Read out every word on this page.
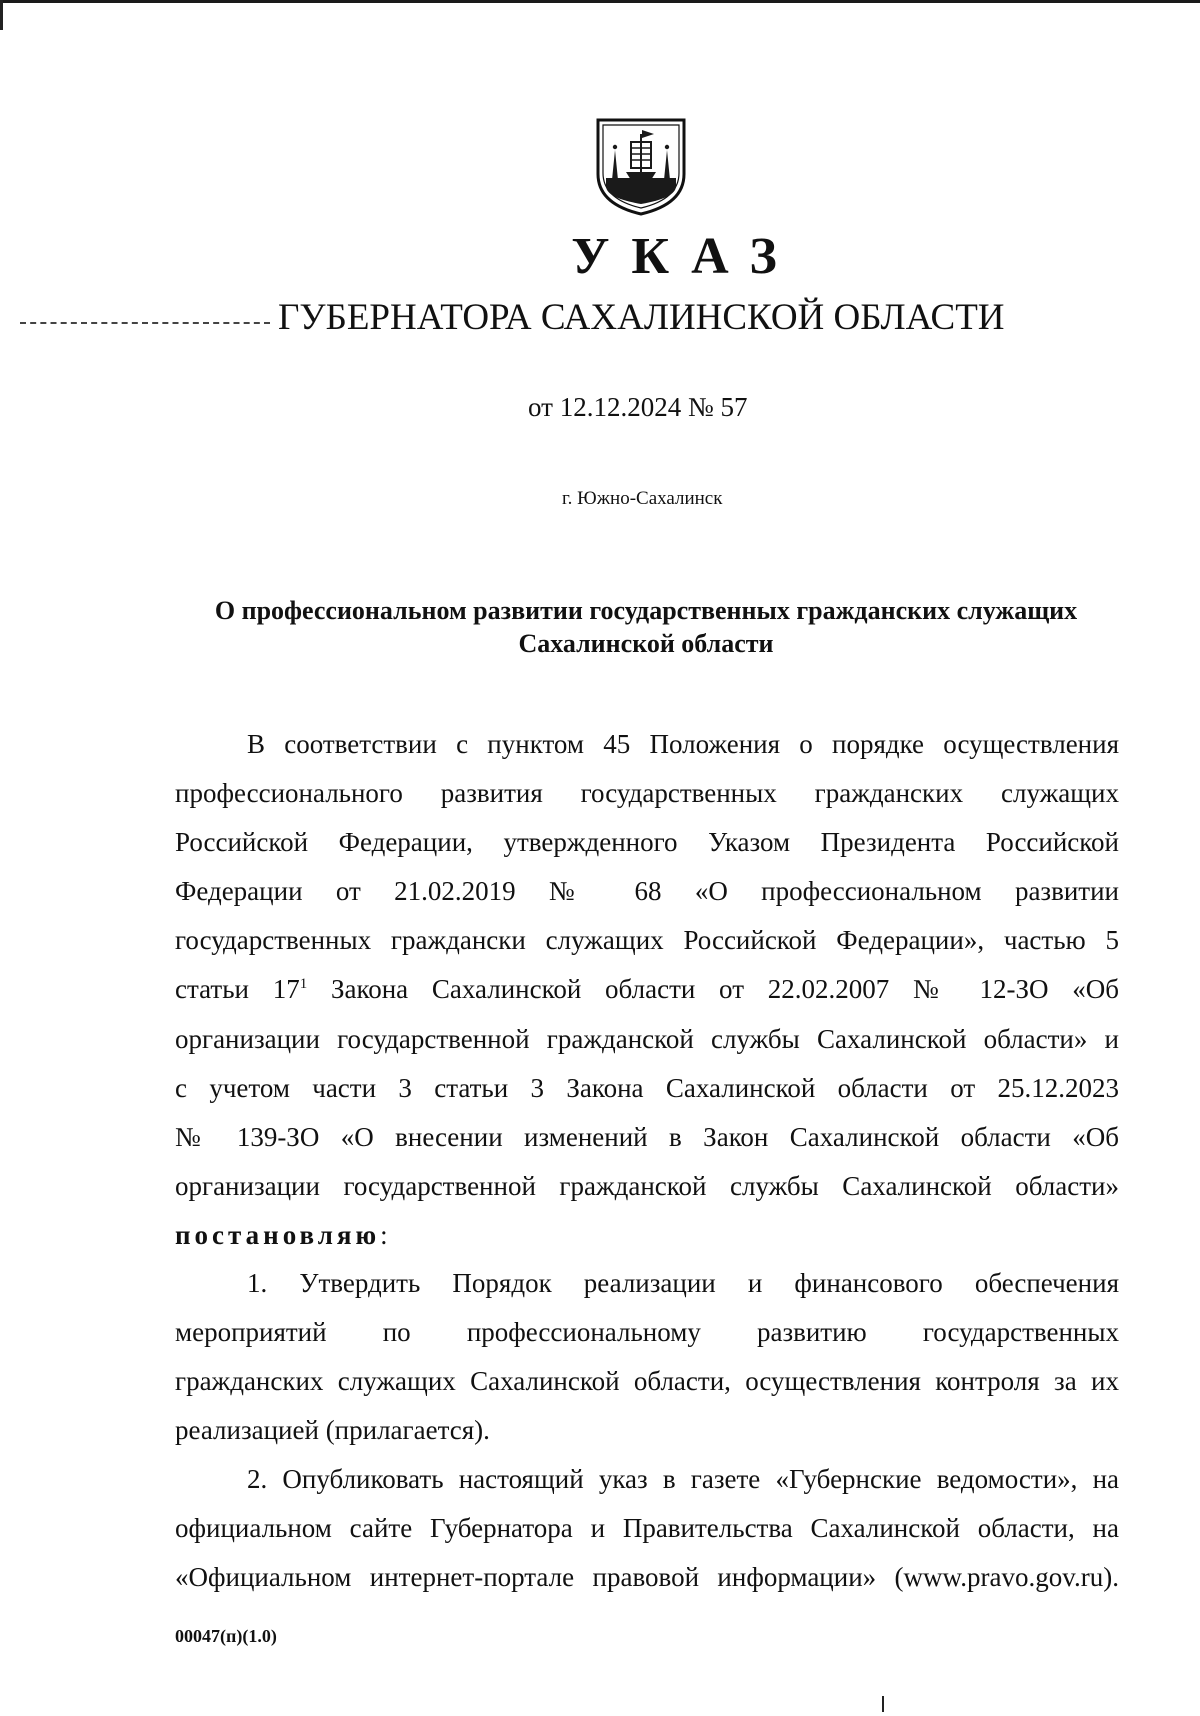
УКАЗ
ГУБЕРНАТОРА САХАЛИНСКОЙ ОБЛАСТИ
от 12.12.2024 № 57
г. Южно-Сахалинск
О профессиональном развитии государственных гражданских служащих
Сахалинской области
В соответствии с пунктом 45 Положения о порядке осуществления
профессионального развития государственных гражданских служащих
Российской Федерации, утвержденного Указом Президента Российской
Федерации от 21.02.2019 № 68 «О профессиональном развитии
государственных граждански служащих Российской Федерации», частью 5
статьи $17^1$ Закона Сахалинской области от 22.02.2007 № 12-ЗО «Об
организации государственной гражданской службы Сахалинской области» и
с учетом части 3 статьи 3 Закона Сахалинской области от 25.12.2023
№ 139-ЗО «О внесении изменений в Закон Сахалинской области «Об
организации государственной гражданской службы Сахалинской области»
постановляю:
1. Утвердить Порядок реализации и финансового обеспечения
мероприятий по профессиональному развитию государственных
гражданских служащих Сахалинской области, осуществления контроля за их
реализацией (прилагается).
2. Опубликовать настоящий указ в газете «Губернские ведомости», на
официальном сайте Губернатора и Правительства Сахалинской области, на
«Официальном интернет-портале правовой информации» (www.pravo.gov.ru).
00047(п)(1.0)
